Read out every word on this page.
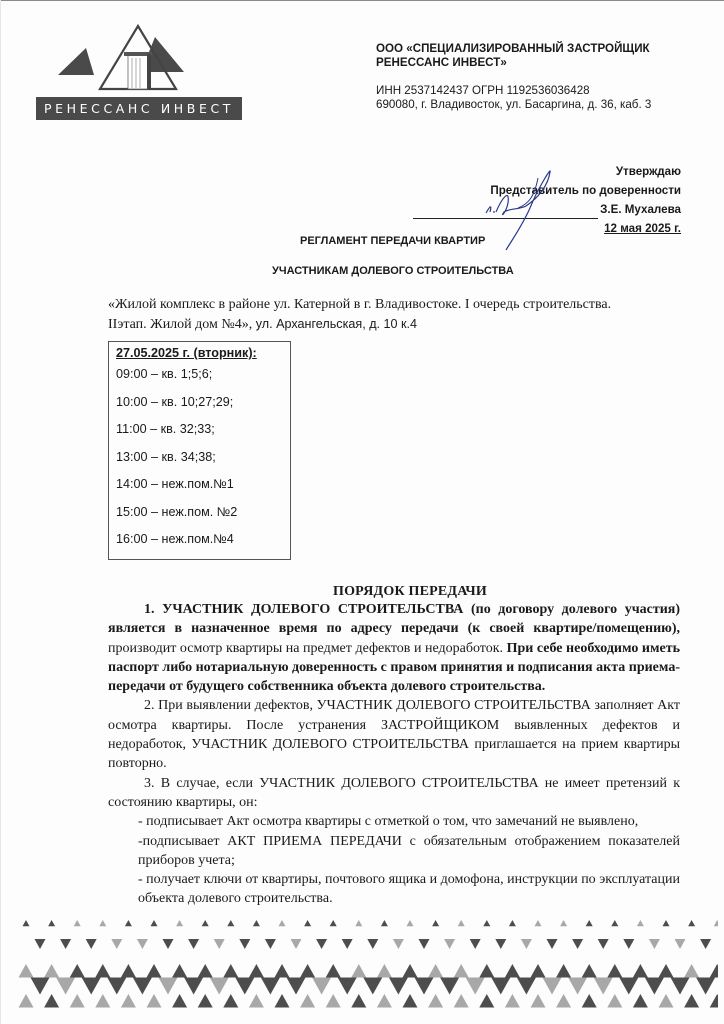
РЕНЕССАНС ИНВЕСТ
ООО «СПЕЦИАЛИЗИРОВАННЫЙ ЗАСТРОЙЩИК
РЕНЕССАНС ИНВЕСТ»
ИНН 2537142437 ОГРН 1192536036428
690080, г. Владивосток, ул. Басаргина, д. 36, каб. 3
Утверждаю
Представитель по доверенности
З.Е. Мухалева
12 мая 2025 г.
РЕГЛАМЕНТ ПЕРЕДАЧИ КВАРТИР
УЧАСТНИКАМ ДОЛЕВОГО СТРОИТЕЛЬСТВА
«Жилой комплекс в районе ул. Катерной в г. Владивостоке. I очередь строительства.
IIэтап. Жилой дом №4», ул. Архангельская, д. 10 к.4
27.05.2025 г. (вторник):
09:00 – кв. 1;5;6;
10:00 – кв. 10;27;29;
11:00 – кв. 32;33;
13:00 – кв. 34;38;
14:00 – неж.пом.№1
15:00 – неж.пом. №2
16:00 – неж.пом.№4
ПОРЯДОК ПЕРЕДАЧИ

1. УЧАСТНИК ДОЛЕВОГО СТРОИТЕЛЬСТВА (по договору долевого участия) является в назначенное время по адресу передачи (к своей квартире/помещению), производит осмотр квартиры на предмет дефектов и недоработок. При себе необходимо иметь паспорт либо нотариальную доверенность с правом принятия и подписания акта приема-передачи от будущего собственника объекта долевого строительства.

2. При выявлении дефектов, УЧАСТНИК ДОЛЕВОГО СТРОИТЕЛЬСТВА заполняет Акт осмотра квартиры. После устранения ЗАСТРОЙЩИКОМ выявленных дефектов и недоработок, УЧАСТНИК ДОЛЕВОГО СТРОИТЕЛЬСТВА приглашается на прием квартиры повторно.

3. В случае, если УЧАСТНИК ДОЛЕВОГО СТРОИТЕЛЬСТВА не имеет претензий к состоянию квартиры, он:

- подписывает Акт осмотра квартиры с отметкой о том, что замечаний не выявлено,

-подписывает АКТ ПРИЕМА ПЕРЕДАЧИ с обязательным отображением показателей приборов учета;

- получает ключи от квартиры, почтового ящика и домофона, инструкции по эксплуатации объекта долевого строительства.
